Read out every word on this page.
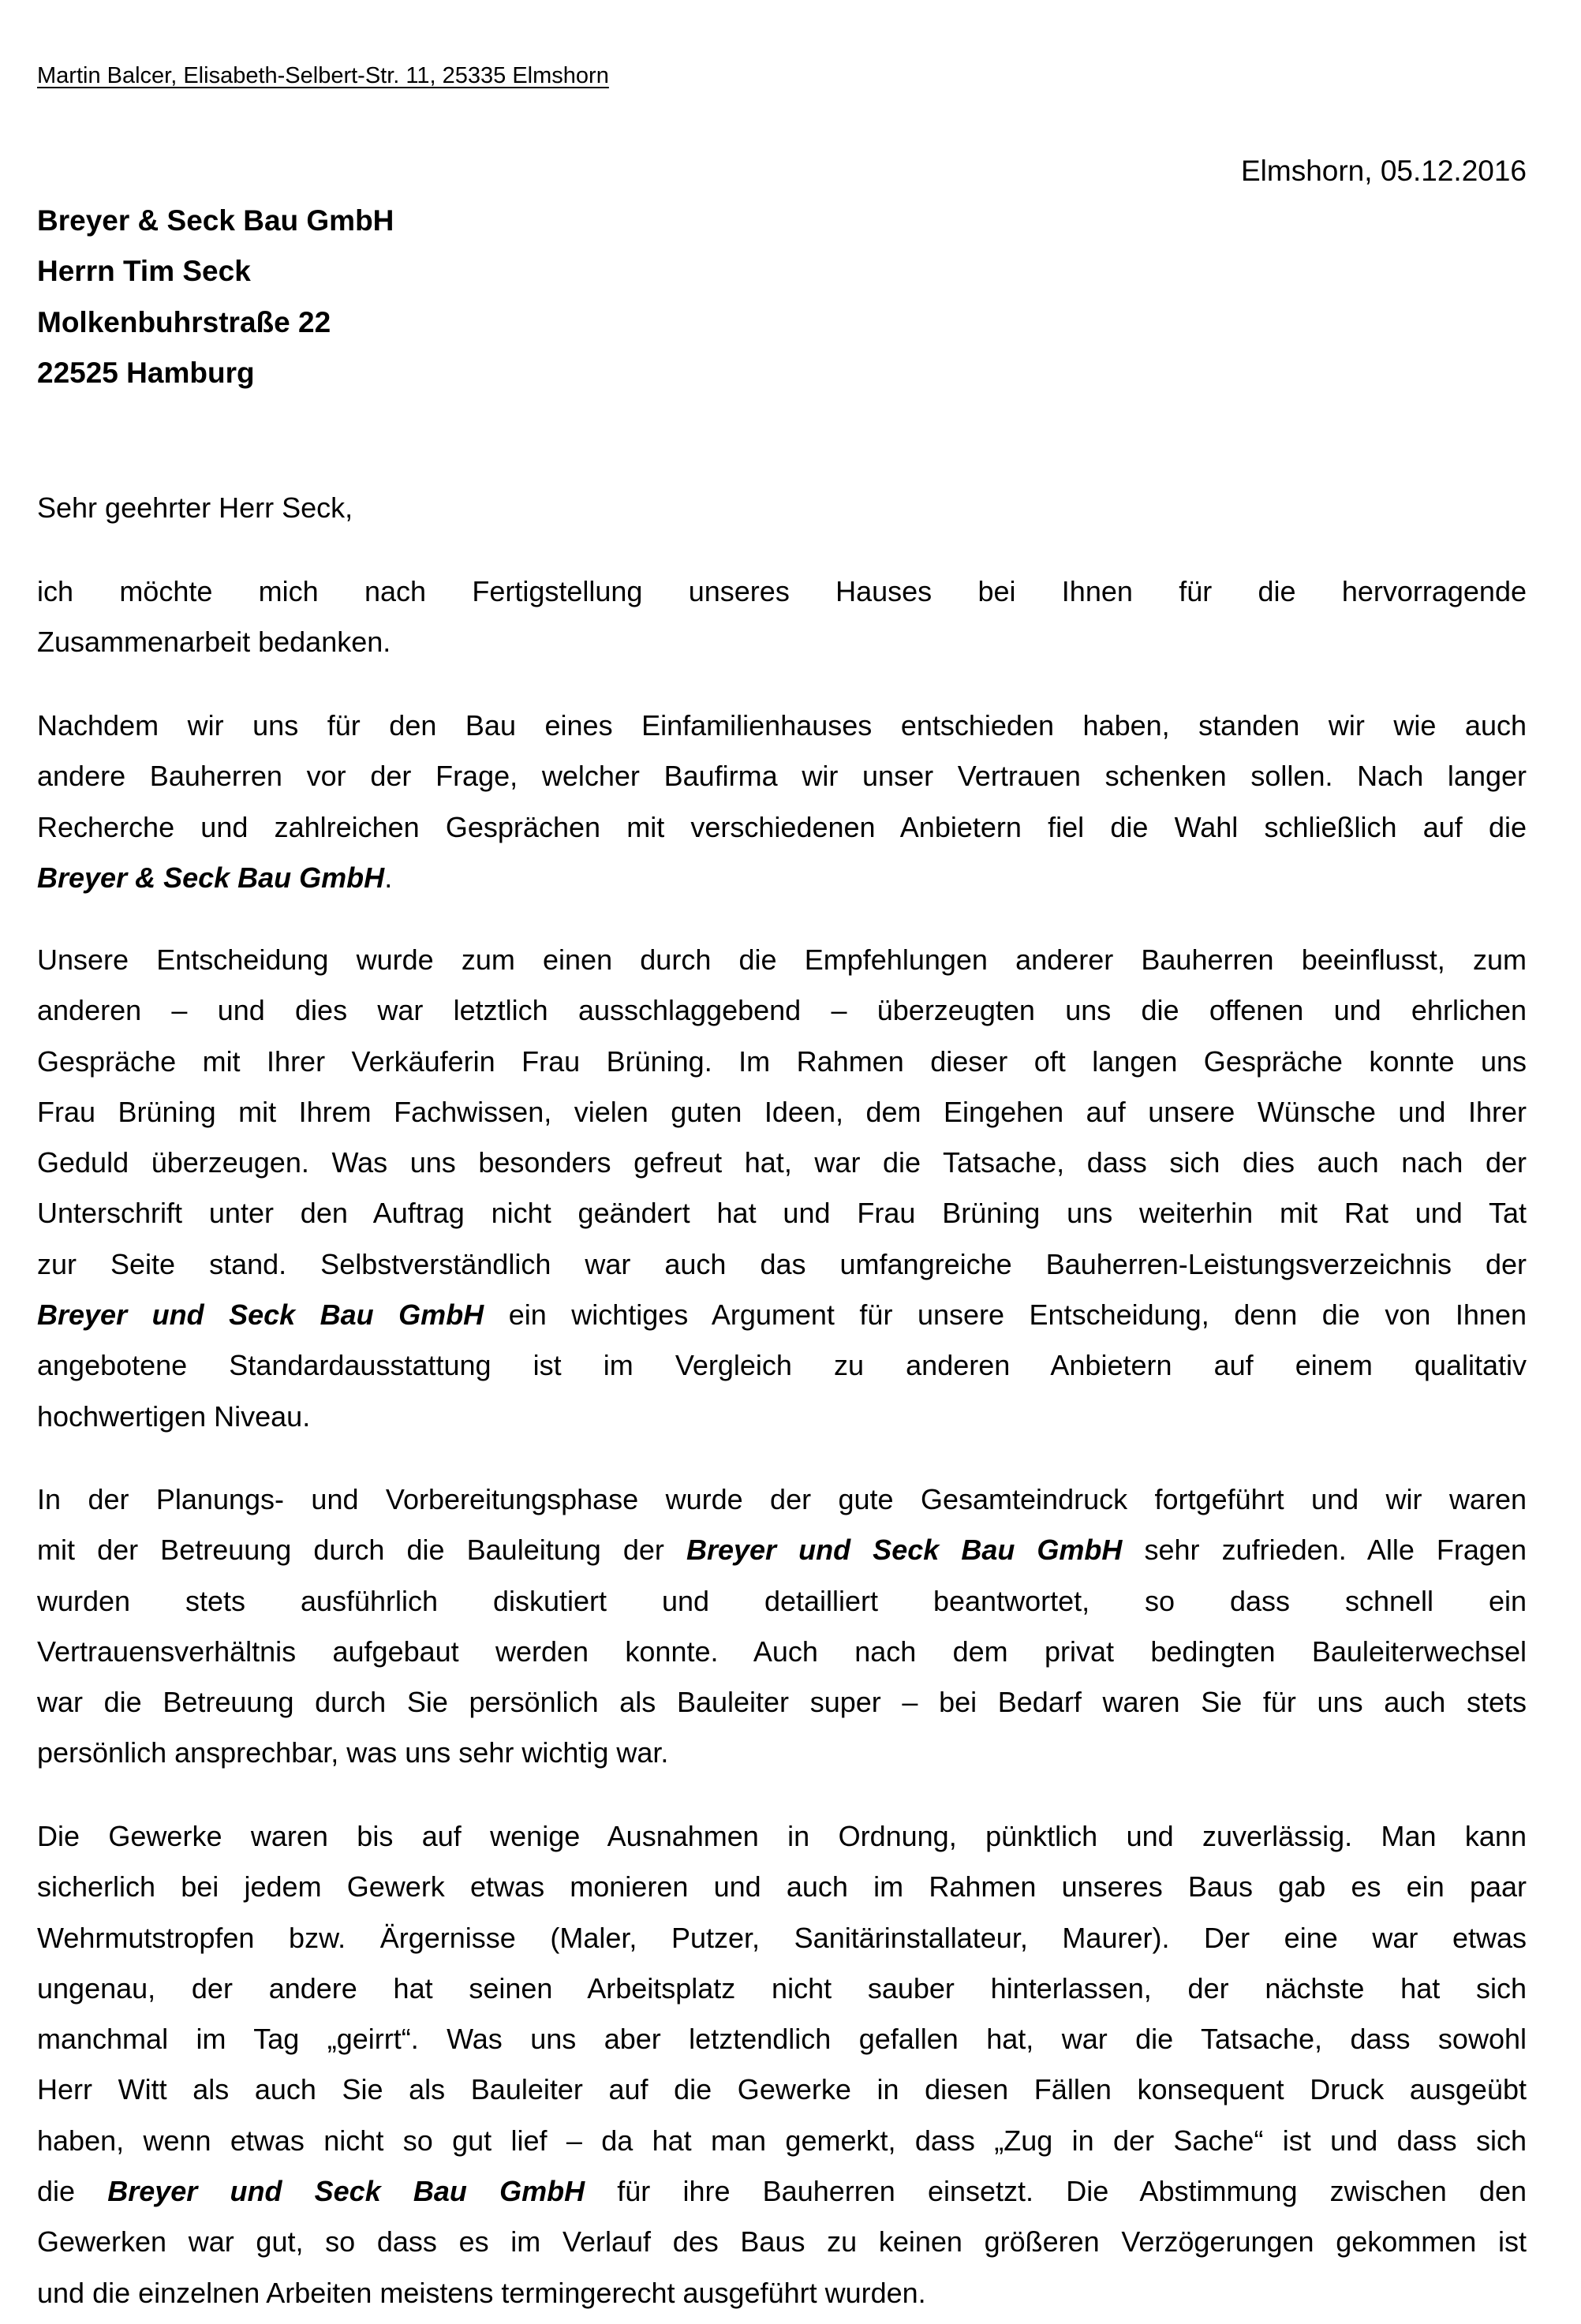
Martin Balcer, Elisabeth-Selbert-Str. 11, 25335 Elmshorn
Elmshorn, 05.12.2016
Breyer & Seck Bau GmbH
Herrn Tim Seck
Molkenbuhrstraße 22
22525 Hamburg
Sehr geehrter Herr Seck,
ich möchte mich nach Fertigstellung unseres Hauses bei Ihnen für die hervorragende
Zusammenarbeit bedanken.
Nachdem wir uns für den Bau eines Einfamilienhauses entschieden haben, standen wir wie auch
andere Bauherren vor der Frage, welcher Baufirma wir unser Vertrauen schenken sollen. Nach langer
Recherche und zahlreichen Gesprächen mit verschiedenen Anbietern fiel die Wahl schließlich auf die
Breyer & Seck Bau GmbH.
Unsere Entscheidung wurde zum einen durch die Empfehlungen anderer Bauherren beeinflusst, zum
anderen – und dies war letztlich ausschlaggebend – überzeugten uns die offenen und ehrlichen
Gespräche mit Ihrer Verkäuferin Frau Brüning. Im Rahmen dieser oft langen Gespräche konnte uns
Frau Brüning mit Ihrem Fachwissen, vielen guten Ideen, dem Eingehen auf unsere Wünsche und Ihrer
Geduld überzeugen. Was uns besonders gefreut hat, war die Tatsache, dass sich dies auch nach der
Unterschrift unter den Auftrag nicht geändert hat und Frau Brüning uns weiterhin mit Rat und Tat
zur Seite stand. Selbstverständlich war auch das umfangreiche Bauherren-Leistungsverzeichnis der
Breyer und Seck Bau GmbH ein wichtiges Argument für unsere Entscheidung, denn die von Ihnen
angebotene Standardausstattung ist im Vergleich zu anderen Anbietern auf einem qualitativ
hochwertigen Niveau.
In der Planungs- und Vorbereitungsphase wurde der gute Gesamteindruck fortgeführt und wir waren
mit der Betreuung durch die Bauleitung der Breyer und Seck Bau GmbH sehr zufrieden. Alle Fragen
wurden stets ausführlich diskutiert und detailliert beantwortet, so dass schnell ein
Vertrauensverhältnis aufgebaut werden konnte. Auch nach dem privat bedingten Bauleiterwechsel
war die Betreuung durch Sie persönlich als Bauleiter super – bei Bedarf waren Sie für uns auch stets
persönlich ansprechbar, was uns sehr wichtig war.
Die Gewerke waren bis auf wenige Ausnahmen in Ordnung, pünktlich und zuverlässig. Man kann
sicherlich bei jedem Gewerk etwas monieren und auch im Rahmen unseres Baus gab es ein paar
Wehrmutstropfen bzw. Ärgernisse (Maler, Putzer, Sanitärinstallateur, Maurer). Der eine war etwas
ungenau, der andere hat seinen Arbeitsplatz nicht sauber hinterlassen, der nächste hat sich
manchmal im Tag „geirrt“. Was uns aber letztendlich gefallen hat, war die Tatsache, dass sowohl
Herr Witt als auch Sie als Bauleiter auf die Gewerke in diesen Fällen konsequent Druck ausgeübt
haben, wenn etwas nicht so gut lief – da hat man gemerkt, dass „Zug in der Sache“ ist und dass sich
die Breyer und Seck Bau GmbH für ihre Bauherren einsetzt. Die Abstimmung zwischen den
Gewerken war gut, so dass es im Verlauf des Baus zu keinen größeren Verzögerungen gekommen ist
und die einzelnen Arbeiten meistens termingerecht ausgeführt wurden.
